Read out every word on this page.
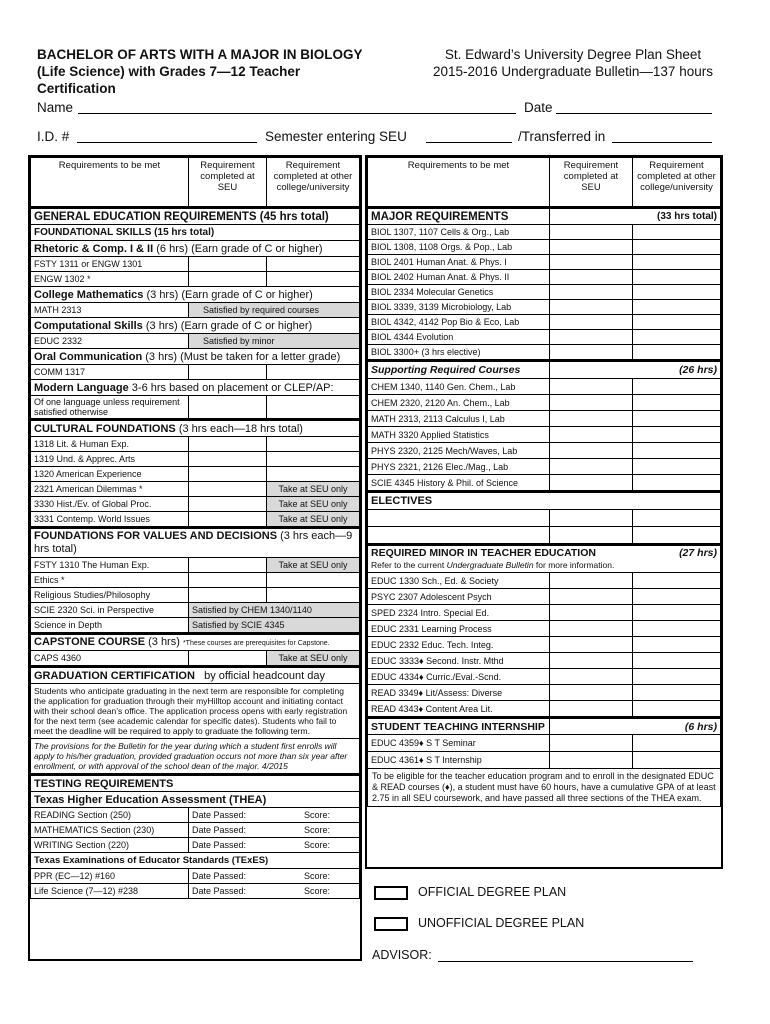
BACHELOR OF ARTS WITH A MAJOR IN BIOLOGY
(Life Science) with Grades 7—12 Teacher
Certification
St. Edward’s University Degree Plan Sheet
2015-2016 Undergraduate Bulletin—137 hours
Name	Date
I.D. #	Semester entering SEU	/Transferred in
Requirements to be met	Requirement completed at SEU	Requirement completed at other college/university
GENERAL EDUCATION REQUIREMENTS (45 hrs total)		
FOUNDATIONAL SKILLS (15 hrs total)		
Rhetoric & Comp. I & II (6 hrs) (Earn grade of C or higher)		
FSTY 1311 or ENGW 1301		
ENGW 1302 *		
College Mathematics (3 hrs) (Earn grade of C or higher)		
MATH 2313	Satisfied by required courses	
Computational Skills (3 hrs) (Earn grade of C or higher)		
EDUC 2332	Satisfied by minor	
Oral Communication (3 hrs) (Must be taken for a letter grade)		
COMM 1317		
Modern Language 3-6 hrs based on placement or CLEP/AP:		
Of one language unless requirement satisfied otherwise		
CULTURAL FOUNDATIONS (3 hrs each—18 hrs total)		
1318 Lit. & Human Exp.		
1319 Und. & Apprec. Arts		
1320 American Experience		
2321 American Dilemmas *		Take at SEU only
3330 Hist./Ev. of Global Proc.		Take at SEU only
3331 Contemp. World Issues		Take at SEU only
FOUNDATIONS FOR VALUES AND DECISIONS (3 hrs each—9 hrs total)		
FSTY 1310 The Human Exp.		Take at SEU only
Ethics *		
Religious Studies/Philosophy		
SCIE 2320 Sci. in Perspective	Satisfied by CHEM 1340/1140	
Science in Depth	Satisfied by SCIE 4345	
CAPSTONE COURSE (3 hrs) *These courses are prerequisites for Capstone.		
CAPS 4360		Take at SEU only
GRADUATION CERTIFICATION by official headcount day		
Students who anticipate graduating in the next term are responsible for completing the application for graduation through their myHilltop account and initiating contact with their school dean’s office. The application process opens with early registration for the next term (see academic calendar for specific dates). Students who fail to meet the deadline will be required to apply to graduate the following term.		
The provisions for the Bulletin for the year during which a student first enrolls will apply to his/her graduation, provided graduation occurs not more than six year after enrollment, or with approval of the school dean of the major. 4/2015		
TESTING REQUIREMENTS		
Texas Higher Education Assessment (THEA)		
READING Section (250)	Date Passed: Score:	

MATHEMATICS Section (230)	Date Passed: Score:	

WRITING Section (220)	Date Passed: Score:	

Texas Examinations of Educator Standards (TExES)		
PPR (EC—12) #160	Date Passed: Score:	

Life Science (7—12) #238	Date Passed: Score:	
Requirements to be met	Requirement completed at SEU	Requirement completed at other college/university
MAJOR REQUIREMENTS	(33 hrs total)	
BIOL 1307, 1107 Cells & Org., Lab		
BIOL 1308, 1108 Orgs. & Pop., Lab		
BIOL 2401 Human Anat. & Phys. I		
BIOL 2402 Human Anat. & Phys. II		
BIOL 2334 Molecular Genetics		
BIOL 3339, 3139 Microbiology, Lab		
BIOL 4342, 4142 Pop Bio & Eco, Lab		
BIOL 4344 Evolution		
BIOL 3300+ (3 hrs elective)		
Supporting Required Courses	(26 hrs)	
CHEM 1340, 1140 Gen. Chem., Lab		
CHEM 2320, 2120 An. Chem., Lab		
MATH 2313, 2113 Calculus I, Lab		
MATH 3320 Applied Statistics		
PHYS 2320, 2125 Mech/Waves, Lab		
PHYS 2321, 2126 Elec./Mag., Lab		
SCIE 4345 History & Phil. of Science		
ELECTIVES		

REQUIRED MINOR IN TEACHER EDUCATION (27 hrs)
Refer to the current Undergraduate Bulletin for more information.		

EDUC 1330 Sch., Ed. & Society		
PSYC 2307 Adolescent Psych		
SPED 2324 Intro. Special Ed.		
EDUC 2331 Learning Process		
EDUC 2332 Educ. Tech. Integ.		
EDUC 3333♦ Second. Instr. Mthd		
EDUC 4334♦ Curric./Eval.-Scnd.		
READ 3349♦ Lit/Assess: Diverse		
READ 4343♦ Content Area Lit.		
STUDENT TEACHING INTERNSHIP	(6 hrs)	
EDUC 4359♦ S T Seminar		
EDUC 4361♦ S T Internship		
To be eligible for the teacher education program and to enroll in the designated EDUC & READ courses (♦), a student must have 60 hours, have a cumulative GPA of at least 2.75 in all SEU coursework, and have passed all three sections of the THEA exam.		
OFFICIAL DEGREE PLAN
UNOFFICIAL DEGREE PLAN
ADVISOR:
